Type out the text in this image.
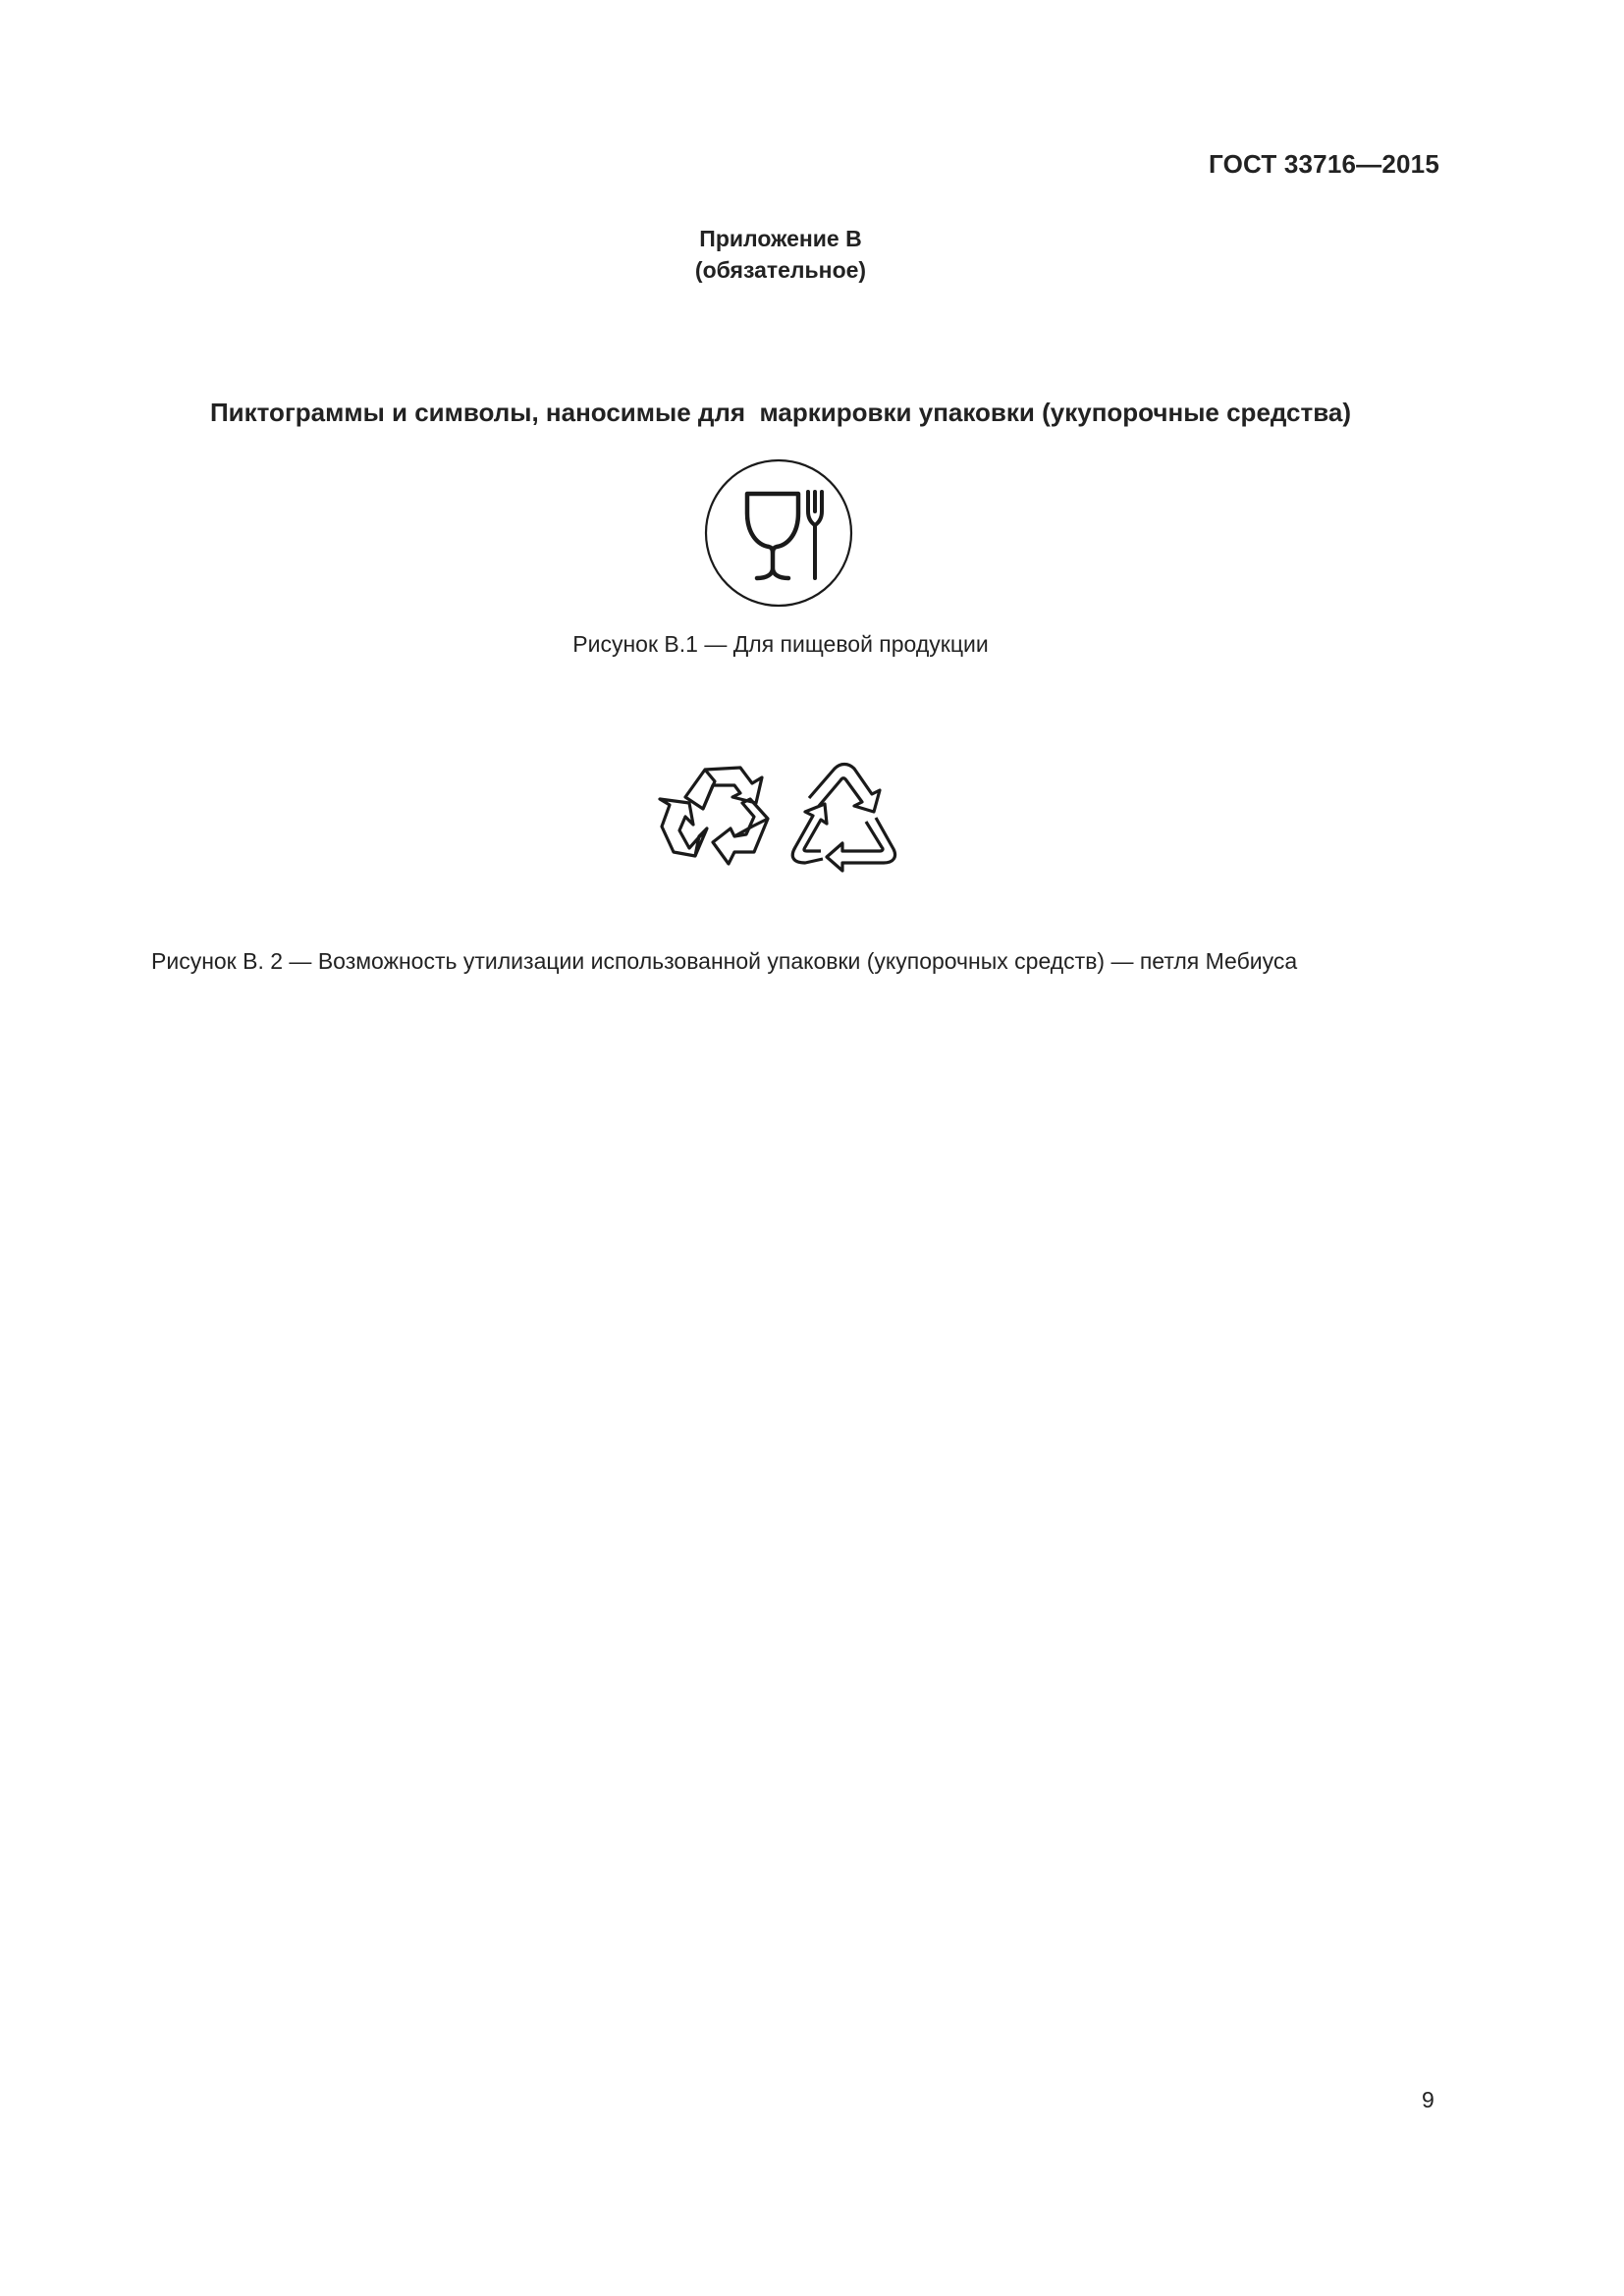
ГОСТ 33716—2015
Приложение В
(обязательное)
Пиктограммы и символы, наносимые для  маркировки упаковки (укупорочные средства)
Рисунок В.1 — Для пищевой продукции
Рисунок В. 2 — Возможность утилизации использованной упаковки (укупорочных средств) — петля Мебиуса
9
